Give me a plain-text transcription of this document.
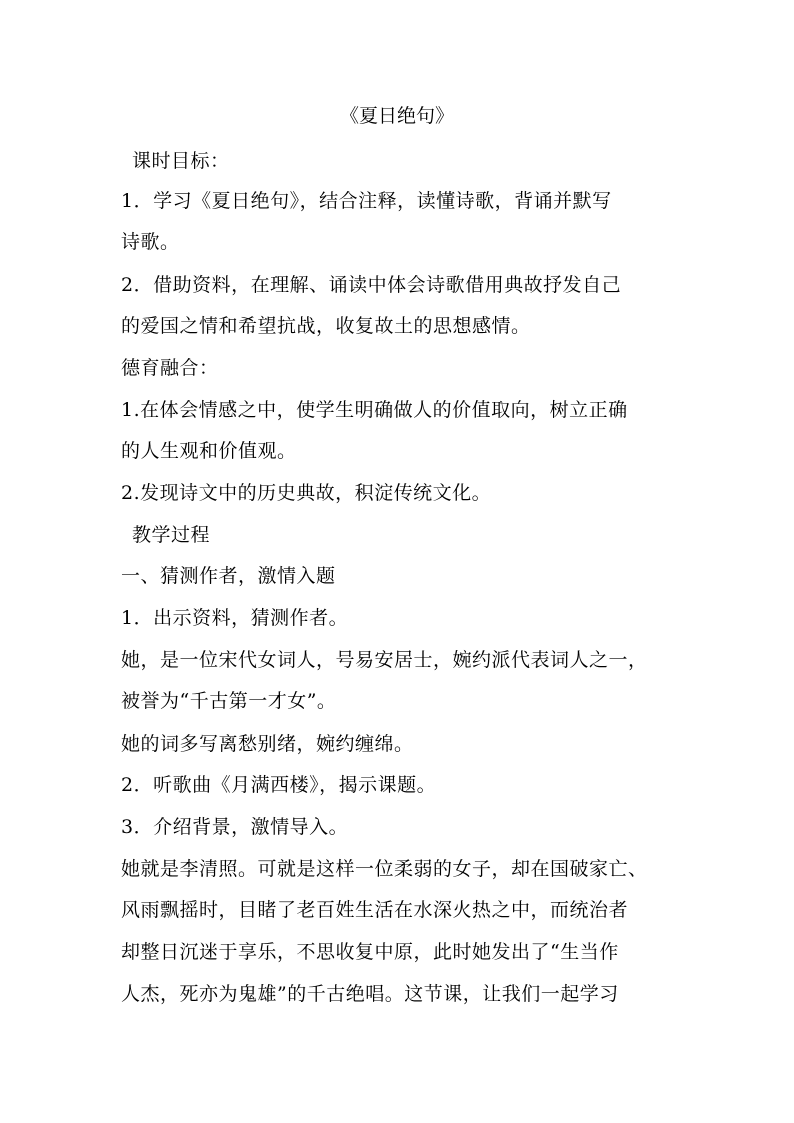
《夏日绝句》
课时目标：
1．学习《夏日绝句》，结合注释，读懂诗歌，背诵并默写
诗歌。
2．借助资料，在理解、诵读中体会诗歌借用典故抒发自己
的爱国之情和希望抗战，收复故土的思想感情。
德育融合：
1.在体会情感之中，使学生明确做人的价值取向，树立正确
的人生观和价值观。
2.发现诗文中的历史典故，积淀传统文化。
教学过程
一、猜测作者，激情入题
1．出示资料，猜测作者。
她，是一位宋代女词人，号易安居士，婉约派代表词人之一，
被誉为“千古第一才女”。
她的词多写离愁别绪，婉约缠绵。
2．听歌曲《月满西楼》，揭示课题。
3．介绍背景，激情导入。
她就是李清照。可就是这样一位柔弱的女子，却在国破家亡、
风雨飘摇时，目睹了老百姓生活在水深火热之中，而统治者
却整日沉迷于享乐，不思收复中原，此时她发出了“生当作
人杰，死亦为鬼雄”的千古绝唱。这节课，让我们一起学习
